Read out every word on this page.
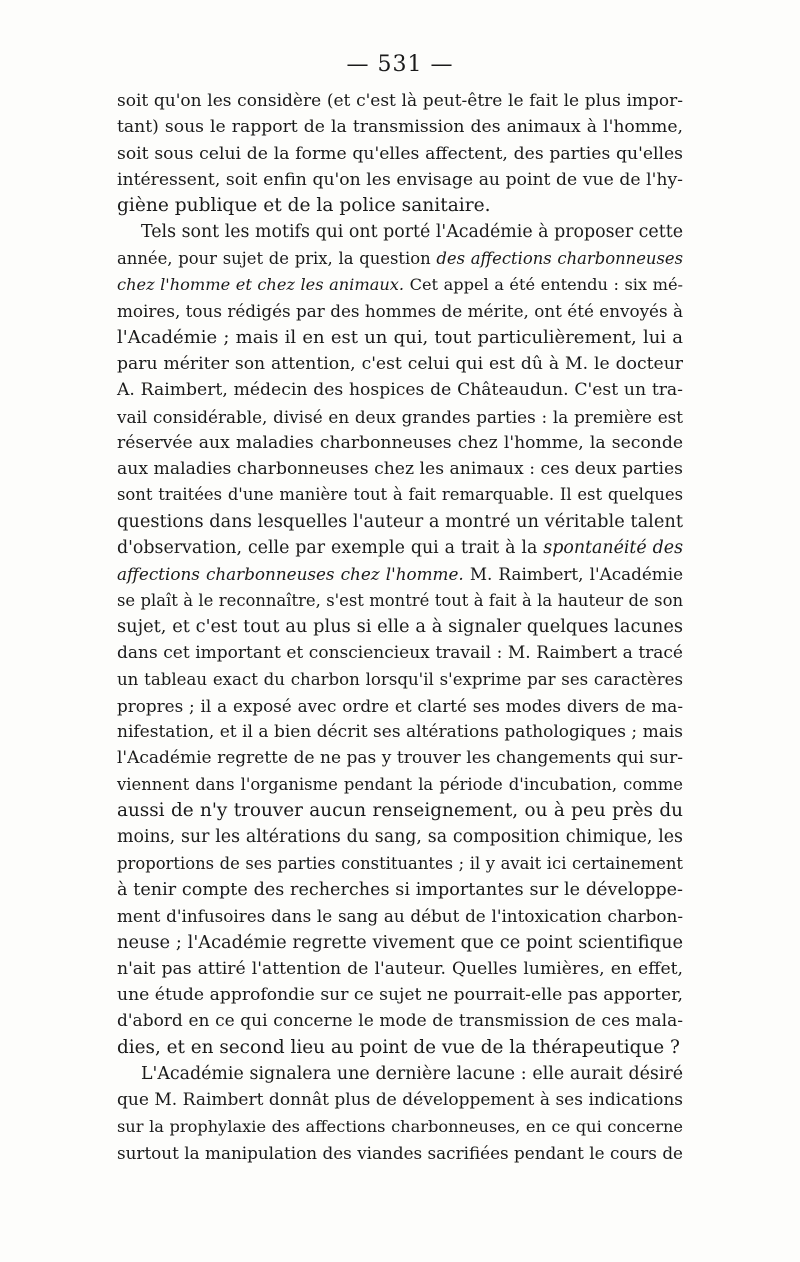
— 531 —
soit qu'on les considère (et c'est là peut-être le fait le plus impor-
tant) sous le rapport de la transmission des animaux à l'homme,
soit sous celui de la forme qu'elles affectent, des parties qu'elles
intéressent, soit enfin qu'on les envisage au point de vue de l'hy-
giène publique et de la police sanitaire.
Tels sont les motifs qui ont porté l'Académie à proposer cette
année, pour sujet de prix, la question des affections charbonneuses
chez l'homme et chez les animaux. Cet appel a été entendu : six mé-
moires, tous rédigés par des hommes de mérite, ont été envoyés à
l'Académie ; mais il en est un qui, tout particulièrement, lui a
paru mériter son attention, c'est celui qui est dû à M. le docteur
A. Raimbert, médecin des hospices de Châteaudun. C'est un tra-
vail considérable, divisé en deux grandes parties : la première est
réservée aux maladies charbonneuses chez l'homme, la seconde
aux maladies charbonneuses chez les animaux : ces deux parties
sont traitées d'une manière tout à fait remarquable. Il est quelques
questions dans lesquelles l'auteur a montré un véritable talent
d'observation, celle par exemple qui a trait à la spontanéité des
affections charbonneuses chez l'homme. M. Raimbert, l'Académie
se plaît à le reconnaître, s'est montré tout à fait à la hauteur de son
sujet, et c'est tout au plus si elle a à signaler quelques lacunes
dans cet important et consciencieux travail : M. Raimbert a tracé
un tableau exact du charbon lorsqu'il s'exprime par ses caractères
propres ; il a exposé avec ordre et clarté ses modes divers de ma-
nifestation, et il a bien décrit ses altérations pathologiques ; mais
l'Académie regrette de ne pas y trouver les changements qui sur-
viennent dans l'organisme pendant la période d'incubation, comme
aussi de n'y trouver aucun renseignement, ou à peu près du
moins, sur les altérations du sang, sa composition chimique, les
proportions de ses parties constituantes ; il y avait ici certainement
à tenir compte des recherches si importantes sur le développe-
ment d'infusoires dans le sang au début de l'intoxication charbon-
neuse ; l'Académie regrette vivement que ce point scientifique
n'ait pas attiré l'attention de l'auteur. Quelles lumières, en effet,
une étude approfondie sur ce sujet ne pourrait-elle pas apporter,
d'abord en ce qui concerne le mode de transmission de ces mala-
dies, et en second lieu au point de vue de la thérapeutique ?
L'Académie signalera une dernière lacune : elle aurait désiré
que M. Raimbert donnât plus de développement à ses indications
sur la prophylaxie des affections charbonneuses, en ce qui concerne
surtout la manipulation des viandes sacrifiées pendant le cours de
